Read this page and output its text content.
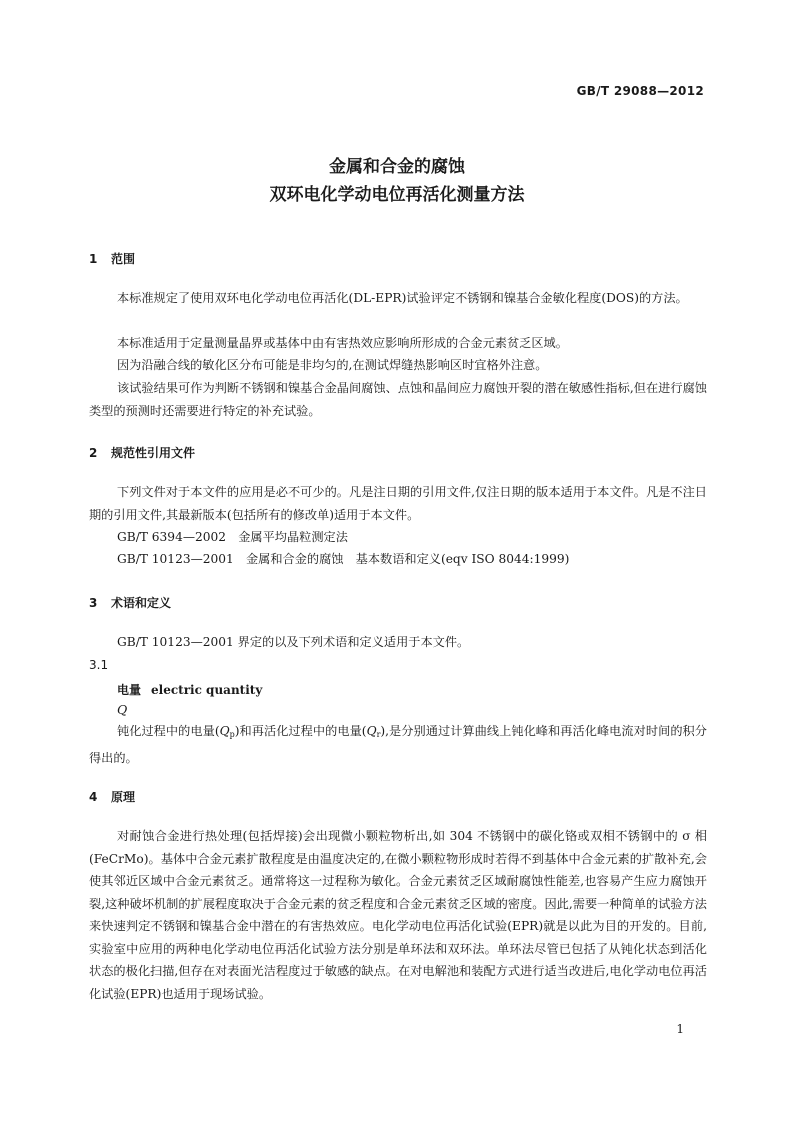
GB/T 29088—2012
金属和合金的腐蚀
双环电化学动电位再活化测量方法
1 范围
本标准规定了使用双环电化学动电位再活化(DL-EPR)试验评定不锈钢和镍基合金敏化程度(DOS)的方法。
本标准适用于定量测量晶界或基体中由有害热效应影响所形成的合金元素贫乏区域。
因为沿融合线的敏化区分布可能是非均匀的,在测试焊缝热影响区时宜格外注意。
该试验结果可作为判断不锈钢和镍基合金晶间腐蚀、点蚀和晶间应力腐蚀开裂的潜在敏感性指标,但在进行腐蚀类型的预测时还需要进行特定的补充试验。
2 规范性引用文件
下列文件对于本文件的应用是必不可少的。凡是注日期的引用文件,仅注日期的版本适用于本文件。凡是不注日期的引用文件,其最新版本(包括所有的修改单)适用于本文件。
GB/T 6394—2002　金属平均晶粒测定法
GB/T 10123—2001　金属和合金的腐蚀　基本数语和定义(eqv ISO 8044:1999)
3 术语和定义
GB/T 10123—2001 界定的以及下列术语和定义适用于本文件。
3.1
电量 electric quantity
Q
钝化过程中的电量$(Q_p)$和再活化过程中的电量$(Q_r)$,是分别通过计算曲线上钝化峰和再活化峰电流对时间的积分得出的。
4 原理
对耐蚀合金进行热处理(包括焊接)会出现微小颗粒物析出,如 304 不锈钢中的碳化铬或双相不锈钢中的 σ 相(FeCrMo)。基体中合金元素扩散程度是由温度决定的,在微小颗粒物形成时若得不到基体中合金元素的扩散补充,会使其邻近区域中合金元素贫乏。通常将这一过程称为敏化。合金元素贫乏区域耐腐蚀性能差,也容易产生应力腐蚀开裂,这种破坏机制的扩展程度取决于合金元素的贫乏程度和合金元素贫乏区域的密度。因此,需要一种简单的试验方法来快速判定不锈钢和镍基合金中潜在的有害热效应。电化学动电位再活化试验(EPR)就是以此为目的开发的。目前,实验室中应用的两种电化学动电位再活化试验方法分别是单环法和双环法。单环法尽管已包括了从钝化状态到活化状态的极化扫描,但存在对表面光洁程度过于敏感的缺点。在对电解池和装配方式进行适当改进后,电化学动电位再活化试验(EPR)也适用于现场试验。
1
